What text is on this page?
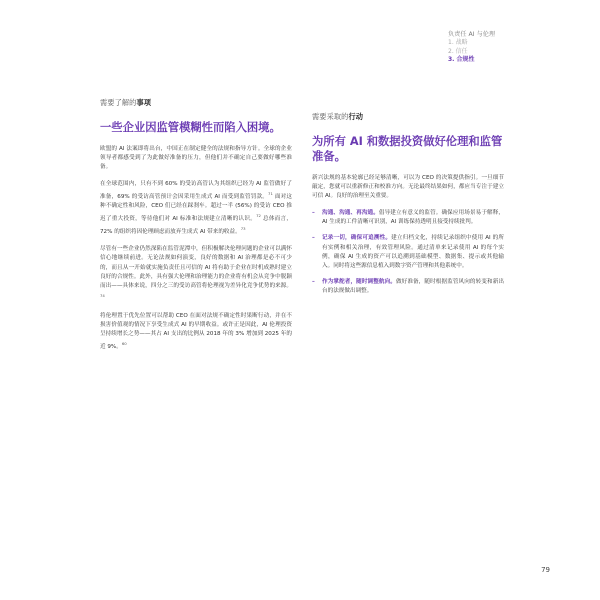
负责任 AI 与伦理
1. 战略
2. 信任
3. 合规性

需要了解的事项

一些企业因监管模糊性而陷入困境。

欧盟的 AI 法案即将出台，中国正在制定健全的法规和指导方针。全球的企业领导者都感受到了为此做好准备的压力，但他们并不确定自己要做好哪些准备。

在全球范围内，只有不到 60% 的受访高管认为其组织已经为 AI 监管做好了准备，69% 的受访高管预计会因采用生成式 AI 而受到监管罚款。$^{71}$ 面对这种不确定性和风险，CEO 们已经在踩刹车。超过一半 (56%) 的受访 CEO 推迟了重大投资，等待他们对 AI 标准和法规建立清晰的认识。$^{72}$ 总体而言，72% 的组织将因伦理顾虑而放弃生成式 AI 带来的收益。$^{73}$

尽管有一些企业仍然深陷在监管泥潭中，但积极解决伦理问题的企业可以满怀信心地继续前进。无论法规如何演变，良好的数据和 AI 治理都是必不可少的，而且从一开始就实施负责任且可信的 AI 将有助于企业在时机成熟时建立良好的合规性。此外，具有强大伦理和治理能力的企业将有机会从竞争中脱颖而出——具体来说，四分之三的受访高管将伦理视为差异化竞争优势的来源。$^{74}$

将伦理置于优先位置可以帮助 CEO 在面对法规不确定性时果断行动，并在不损害价值观的情况下享受生成式 AI 的早期收益。或许正是因此，AI 伦理投资呈持续增长之势——其占 AI 支出的比例从 2018 年的 3% 增加到 2025 年的近 9%。$^{60}$

需要采取的行动

为所有 AI 和数据投资做好伦理和监管准备。

新兴法规的基本轮廓已经足够清晰，可以为 CEO 的决策提供指引。一旦细节敲定，您就可以重新修正和校准方向。无论最终结果如何，都应当专注于建立可信 AI。良好的治理至关重要。

– 沟通、沟通、再沟通。倡导建立有意义的监管。确保应用场景易于解释，AI 生成的工件清晰可识别，AI 训练保持透明且接受持续批判。
– 记录一切，确保可追溯性。建立归档文化，持续记录组织中使用 AI 的所有实例和相关治理，有效管理风险。通过清单来记录使用 AI 的每个实例，确保 AI 生成的资产可以追溯到基础模型、数据集、提示或其他输入。同时将这些源信息植入到数字资产管理和其他系统中。
– 作为掌舵者，随时调整航向。做好准备，随时根据监管风向的转变和新出台的法规做出调整。
79
